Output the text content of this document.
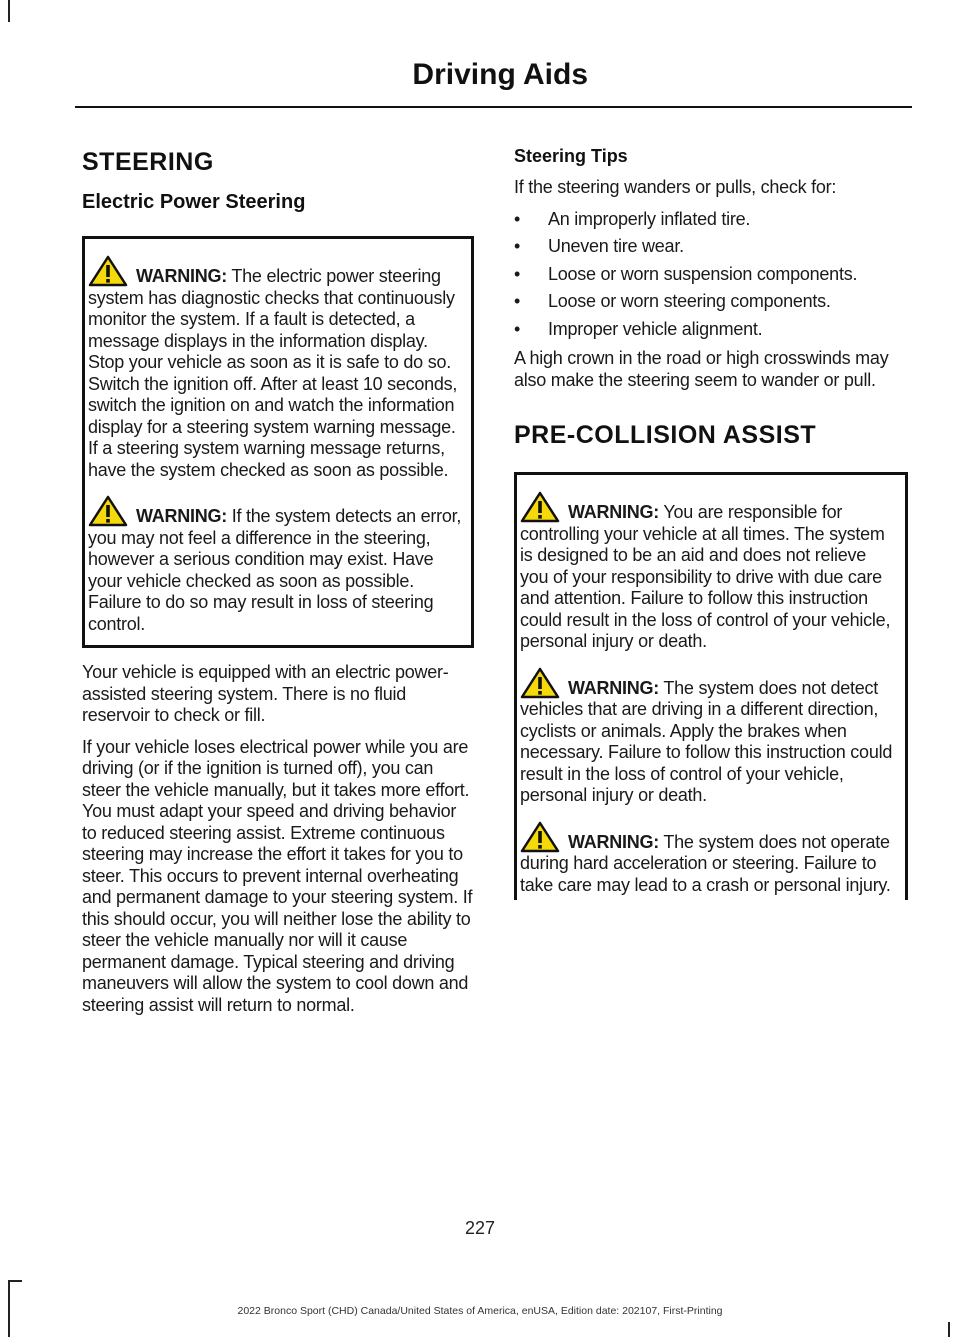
Driving Aids
STEERING
Electric Power Steering

WARNING: The electric power steering system has diagnostic checks that continuously monitor the system. If a fault is detected, a message displays in the information display. Stop your vehicle as soon as it is safe to do so. Switch the ignition off. After at least 10 seconds, switch the ignition on and watch the information display for a steering system warning message. If a steering system warning message returns, have the system checked as soon as possible.

WARNING: If the system detects an error, you may not feel a difference in the steering, however a serious condition may exist. Have your vehicle checked as soon as possible. Failure to do so may result in loss of steering control.

Your vehicle is equipped with an electric power-assisted steering system. There is no fluid reservoir to check or fill.

If your vehicle loses electrical power while you are driving (or if the ignition is turned off), you can steer the vehicle manually, but it takes more effort. You must adapt your speed and driving behavior to reduced steering assist. Extreme continuous steering may increase the effort it takes for you to steer. This occurs to prevent internal overheating and permanent damage to your steering system. If this should occur, you will neither lose the ability to steer the vehicle manually nor will it cause permanent damage. Typical steering and driving maneuvers will allow the system to cool down and steering assist will return to normal.

Steering Tips

If the steering wanders or pulls, check for:

• An improperly inflated tire.
• Uneven tire wear.
• Loose or worn suspension components.
• Loose or worn steering components.
• Improper vehicle alignment.

A high crown in the road or high crosswinds may also make the steering seem to wander or pull.

PRE-COLLISION ASSIST

WARNING: You are responsible for controlling your vehicle at all times. The system is designed to be an aid and does not relieve you of your responsibility to drive with due care and attention. Failure to follow this instruction could result in the loss of control of your vehicle, personal injury or death.

WARNING: The system does not detect vehicles that are driving in a different direction, cyclists or animals. Apply the brakes when necessary. Failure to follow this instruction could result in the loss of control of your vehicle, personal injury or death.

WARNING: The system does not operate during hard acceleration or steering. Failure to take care may lead to a crash or personal injury.

227
2022 Bronco Sport (CHD) Canada/United States of America, enUSA, Edition date: 202107, First-Printing
